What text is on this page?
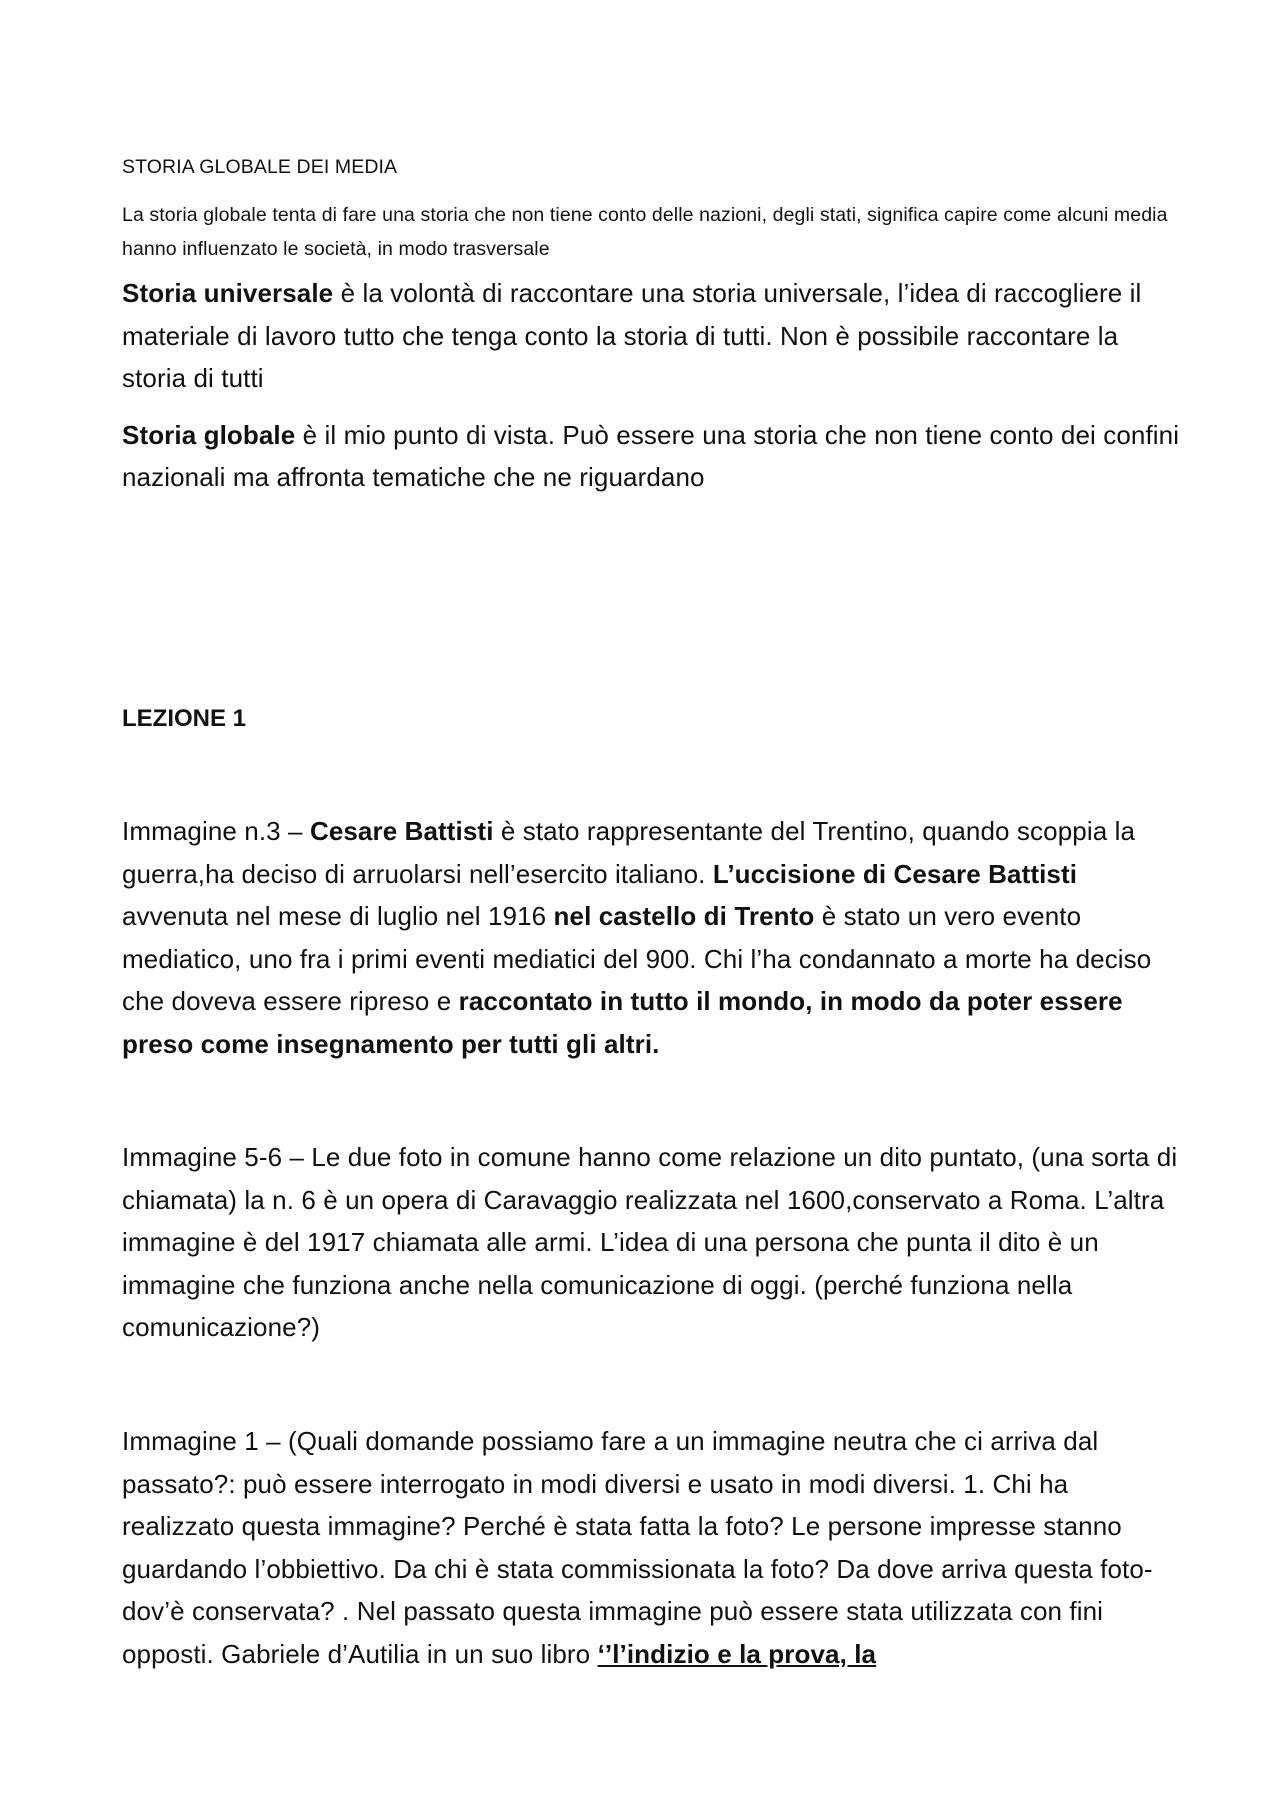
STORIA GLOBALE DEI MEDIA

La storia globale tenta di fare una storia che non tiene conto delle nazioni, degli stati, significa capire come alcuni media hanno influenzato le società, in modo trasversale

Storia universale è la volontà di raccontare una storia universale, l’idea di raccogliere il materiale di lavoro tutto che tenga conto la storia di tutti. Non è possibile raccontare la storia di tutti

Storia globale è il mio punto di vista. Può essere una storia che non tiene conto dei confini nazionali ma affronta tematiche che ne riguardano

LEZIONE 1

Immagine n.3 – Cesare Battisti è stato rappresentante del Trentino, quando scoppia la guerra,ha deciso di arruolarsi nell’esercito italiano. L’uccisione di Cesare Battisti avvenuta nel mese di luglio nel 1916 nel castello di Trento è stato un vero evento mediatico, uno fra i primi eventi mediatici del 900. Chi l’ha condannato a morte ha deciso che doveva essere ripreso e raccontato in tutto il mondo, in modo da poter essere preso come insegnamento per tutti gli altri.

Immagine 5-6 – Le due foto in comune hanno come relazione un dito puntato, (una sorta di chiamata) la n. 6 è un opera di Caravaggio realizzata nel 1600,conservato a Roma. L’altra immagine è del 1917 chiamata alle armi. L’idea di una persona che punta il dito è un immagine che funziona anche nella comunicazione di oggi. (perché funziona nella comunicazione?)

Immagine 1 – (Quali domande possiamo fare a un immagine neutra che ci arriva dal passato?: può essere interrogato in modi diversi e usato in modi diversi. 1. Chi ha realizzato questa immagine? Perché è stata fatta la foto? Le persone impresse stanno guardando l’obbiettivo. Da chi è stata commissionata la foto? Da dove arriva questa foto-dov’è conservata? . Nel passato questa immagine può essere stata utilizzata con fini opposti. Gabriele d’Autilia in un suo libro ‘’l’indizio e la prova, la
